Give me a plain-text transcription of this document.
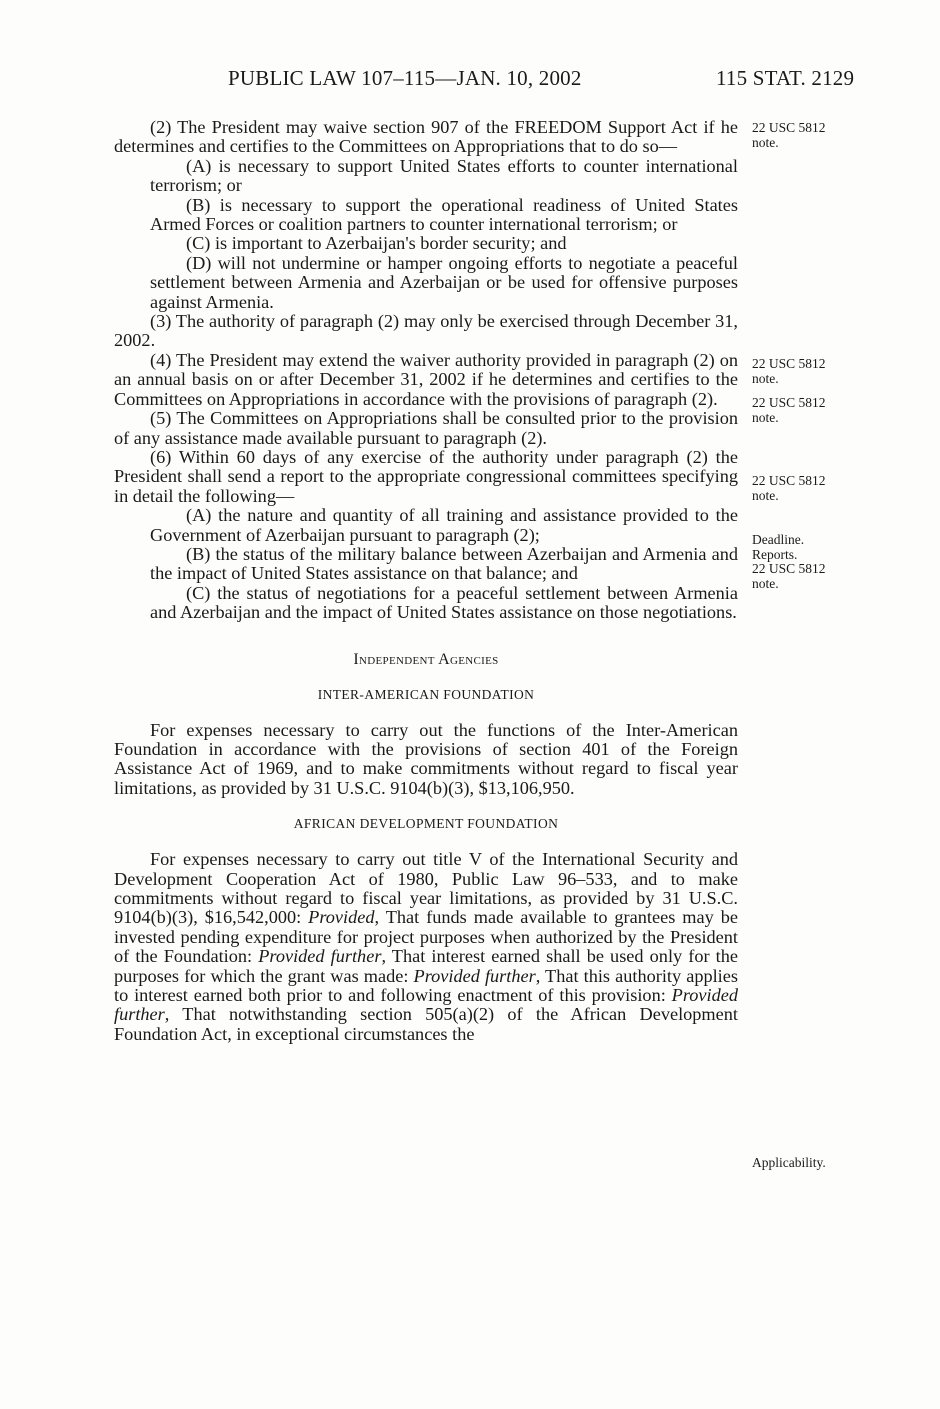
PUBLIC LAW 107–115—JAN. 10, 2002	115 STAT. 2129

(2) The President may waive section 907 of the FREEDOM Support Act if he determines and certifies to the Committees on Appropriations that to do so—

(A) is necessary to support United States efforts to counter international terrorism; or

(B) is necessary to support the operational readiness of United States Armed Forces or coalition partners to counter international terrorism; or

(C) is important to Azerbaijan's border security; and

(D) will not undermine or hamper ongoing efforts to negotiate a peaceful settlement between Armenia and Azerbaijan or be used for offensive purposes against Armenia.

(3) The authority of paragraph (2) may only be exercised through December 31, 2002.

(4) The President may extend the waiver authority provided in paragraph (2) on an annual basis on or after December 31, 2002 if he determines and certifies to the Committees on Appropriations in accordance with the provisions of paragraph (2).

(5) The Committees on Appropriations shall be consulted prior to the provision of any assistance made available pursuant to paragraph (2).

(6) Within 60 days of any exercise of the authority under paragraph (2) the President shall send a report to the appropriate congressional committees specifying in detail the following—

(A) the nature and quantity of all training and assistance provided to the Government of Azerbaijan pursuant to paragraph (2);

(B) the status of the military balance between Azerbaijan and Armenia and the impact of United States assistance on that balance; and

(C) the status of negotiations for a peaceful settlement between Armenia and Azerbaijan and the impact of United States assistance on those negotiations.

Independent Agencies

INTER-AMERICAN FOUNDATION

For expenses necessary to carry out the functions of the Inter-American Foundation in accordance with the provisions of section 401 of the Foreign Assistance Act of 1969, and to make commitments without regard to fiscal year limitations, as provided by 31 U.S.C. 9104(b)(3), $13,106,950.

AFRICAN DEVELOPMENT FOUNDATION

For expenses necessary to carry out title V of the International Security and Development Cooperation Act of 1980, Public Law 96–533, and to make commitments without regard to fiscal year limitations, as provided by 31 U.S.C. 9104(b)(3), $16,542,000: Provided, That funds made available to grantees may be invested pending expenditure for project purposes when authorized by the President of the Foundation: Provided further, That interest earned shall be used only for the purposes for which the grant was made: Provided further, That this authority applies to interest earned both prior to and following enactment of this provision: Provided further, That notwithstanding section 505(a)(2) of the African Development Foundation Act, in exceptional circumstances the

22 USC 5812
note.
22 USC 5812
note.
22 USC 5812
note.
22 USC 5812
note.
Deadline.
Reports.
22 USC 5812
note.
Applicability.
